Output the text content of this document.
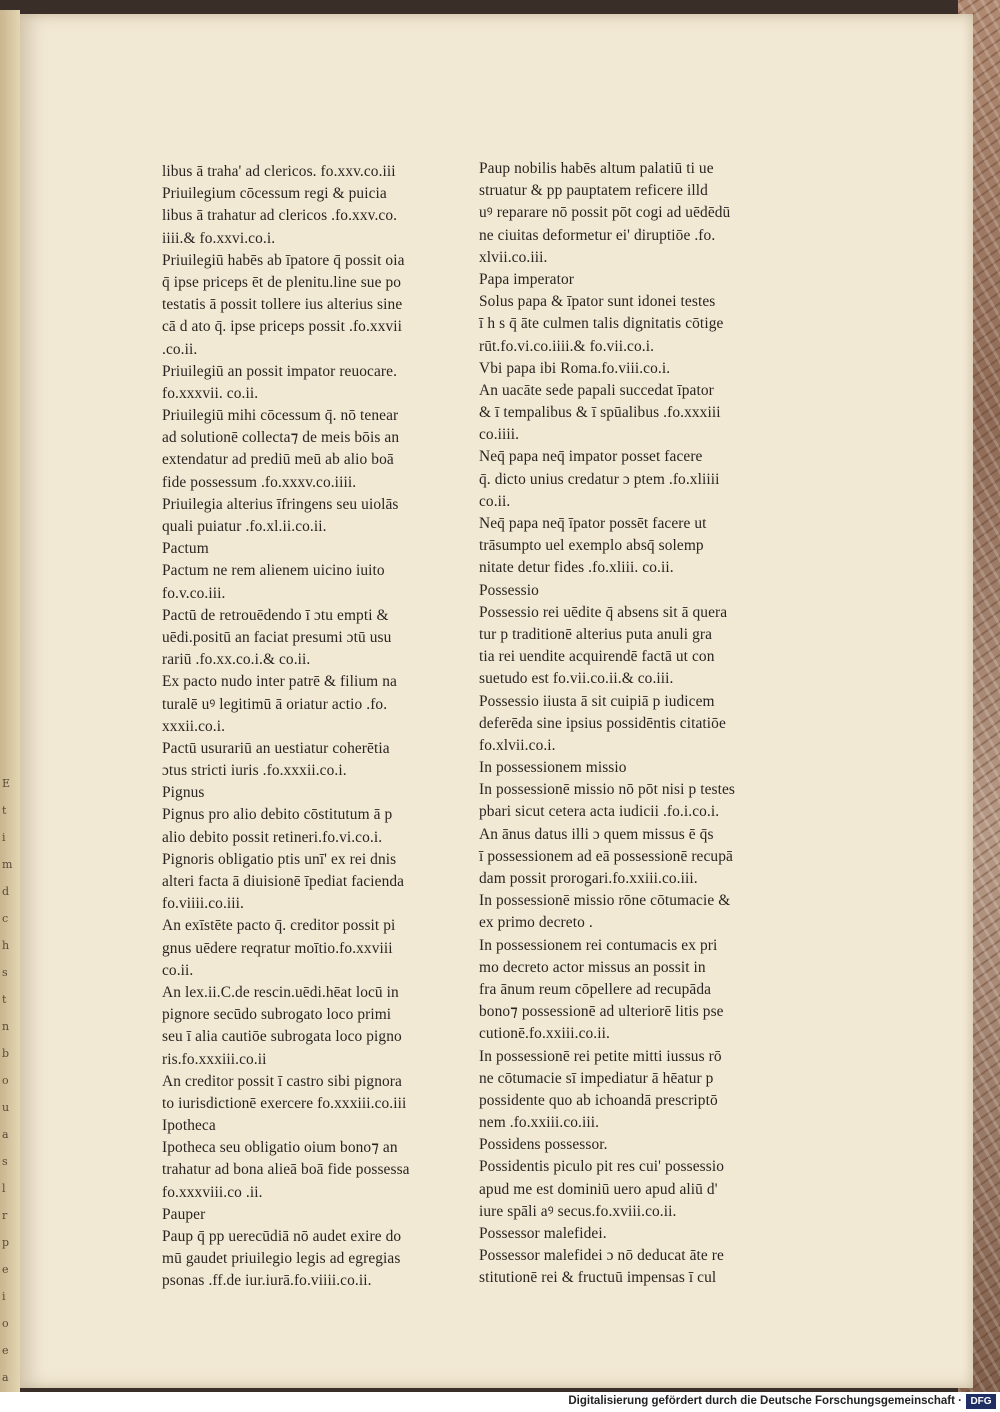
E
t
i
m
d
c
h
s
t
n
b
o
u
a
s
l
r
p
e
i
o
e
a
libus ā traha' ad clericos. fo.xxv.co.iii
Priuilegium cōcessum regi & puicia
libus ā trahatur ad clericos .fo.xxv.co.
iiii.& fo.xxvi.co.i.
Priuilegiū habēs ab īpatore q̄ possit oia
q̄ ipse priceps ēt de plenitu.line sue po
testatis ā possit tollere ius alterius sine
cā d ato q̄. ipse priceps possit .fo.xxvii
.co.ii.
Priuilegiū an possit impator reuocare.
fo.xxxvii. co.ii.
Priuilegiū mihi cōcessum q̄. nō tenear
ad solutionē collecta⁊ de meis bōis an
extendatur ad prediū meū ab alio boā
fide possessum .fo.xxxv.co.iiii.
Priuilegia alterius īfringens seu uiolās
quali puiatur .fo.xl.ii.co.ii.
Pactum
Pactum ne rem alienem uicino iuito
fo.v.co.iii.
Pactū de retrouēdendo ī ɔtu empti &
uēdi.positū an faciat presumi ɔtū usu
rariū .fo.xx.co.i.& co.ii.
Ex pacto nudo inter patrē & filium na
turalē uꝰ legitimū ā oriatur actio .fo.
xxxii.co.i.
Pactū usurariū an uestiatur coherētia
ɔtus stricti iuris .fo.xxxii.co.i.
Pignus
Pignus pro alio debito cōstitutum ā p
alio debito possit retineri.fo.vi.co.i.
Pignoris obligatio ptis unī' ex rei dnis
alteri facta ā diuisionē īpediat facienda
fo.viiii.co.iii.
An exīstēte pacto q̄. creditor possit pi
gnus uēdere reqratur moītio.fo.xxviii
co.ii.
An lex.ii.C.de rescin.uēdi.hēat locū in
pignore secūdo subrogato loco primi
seu ī alia cautiōe subrogata loco pigno
ris.fo.xxxiii.co.ii
An creditor possit ī castro sibi pignora
to iurisdictionē exercere fo.xxxiii.co.iii
Ipotheca
Ipotheca seu obligatio oium bono⁊ an
trahatur ad bona alieā boā fide possessa
fo.xxxviii.co .ii.
Pauper
Paup q̄ pp uerecūdiā nō audet exire do
mū gaudet priuilegio legis ad egregias
psonas .ff.de iur.iurā.fo.viiii.co.ii.
Paup nobilis habēs altum palatiū ti ue
struatur & pp pauptatem reficere illd
uꝰ reparare nō possit pōt cogi ad uēdēdū
ne ciuitas deformetur ei' diruptiōe .fo.
xlvii.co.iii.
Papa imperator
Solus papa & īpator sunt idonei testes
ī h s q̄ āte culmen talis dignitatis cōtige
rūt.fo.vi.co.iiii.& fo.vii.co.i.
Vbi papa ibi Roma.fo.viii.co.i.
An uacāte sede papali succedat īpator
& ī tempalibus & ī spūalibus .fo.xxxiii
co.iiii.
Neq̄ papa neq̄ impator posset facere
q̄. dicto unius credatur ɔ ptem .fo.xliiii
co.ii.
Neq̄ papa neq̄ īpator possēt facere ut
trāsumpto uel exemplo absq̄ solemp
nitate detur fides .fo.xliii. co.ii.
Possessio
Possessio rei uēdite q̄ absens sit ā quera
tur p traditionē alterius puta anuli gra
tia rei uendite acquirendē factā ut con
suetudo est fo.vii.co.ii.& co.iii.
Possessio iiusta ā sit cuipiā p iudicem
deferēda sine ipsius possidēntis citatiōe
fo.xlvii.co.i.
In possessionem missio
In possessionē missio nō pōt nisi p testes
pbari sicut cetera acta iudicii .fo.i.co.i.
An ānus datus illi ɔ quem missus ē q̄s
ī possessionem ad eā possessionē recupā
dam possit prorogari.fo.xxiii.co.iii.
In possessionē missio rōne cōtumacie &
ex primo decreto .
In possessionem rei contumacis ex pri
mo decreto actor missus an possit in
fra ānum reum cōpellere ad recupāda
bono⁊ possessionē ad ulteriorē litis pse
cutionē.fo.xxiii.co.ii.
In possessionē rei petite mitti iussus rō
ne cōtumacie sī impediatur ā hēatur p
possidente quo ab ichoandā prescriptō
nem .fo.xxiii.co.iii.
Possidens possessor.
Possidentis piculo pit res cui' possessio
apud me est dominiū uero apud aliū d'
iure spāli aꝰ secus.fo.xviii.co.ii.
Possessor malefidei.
Possessor malefidei ɔ nō deducat āte re
stitutionē rei & fructuū impensas ī cul
Digitalisierung gefördert durch die Deutsche Forschungsgemeinschaft · DFG
